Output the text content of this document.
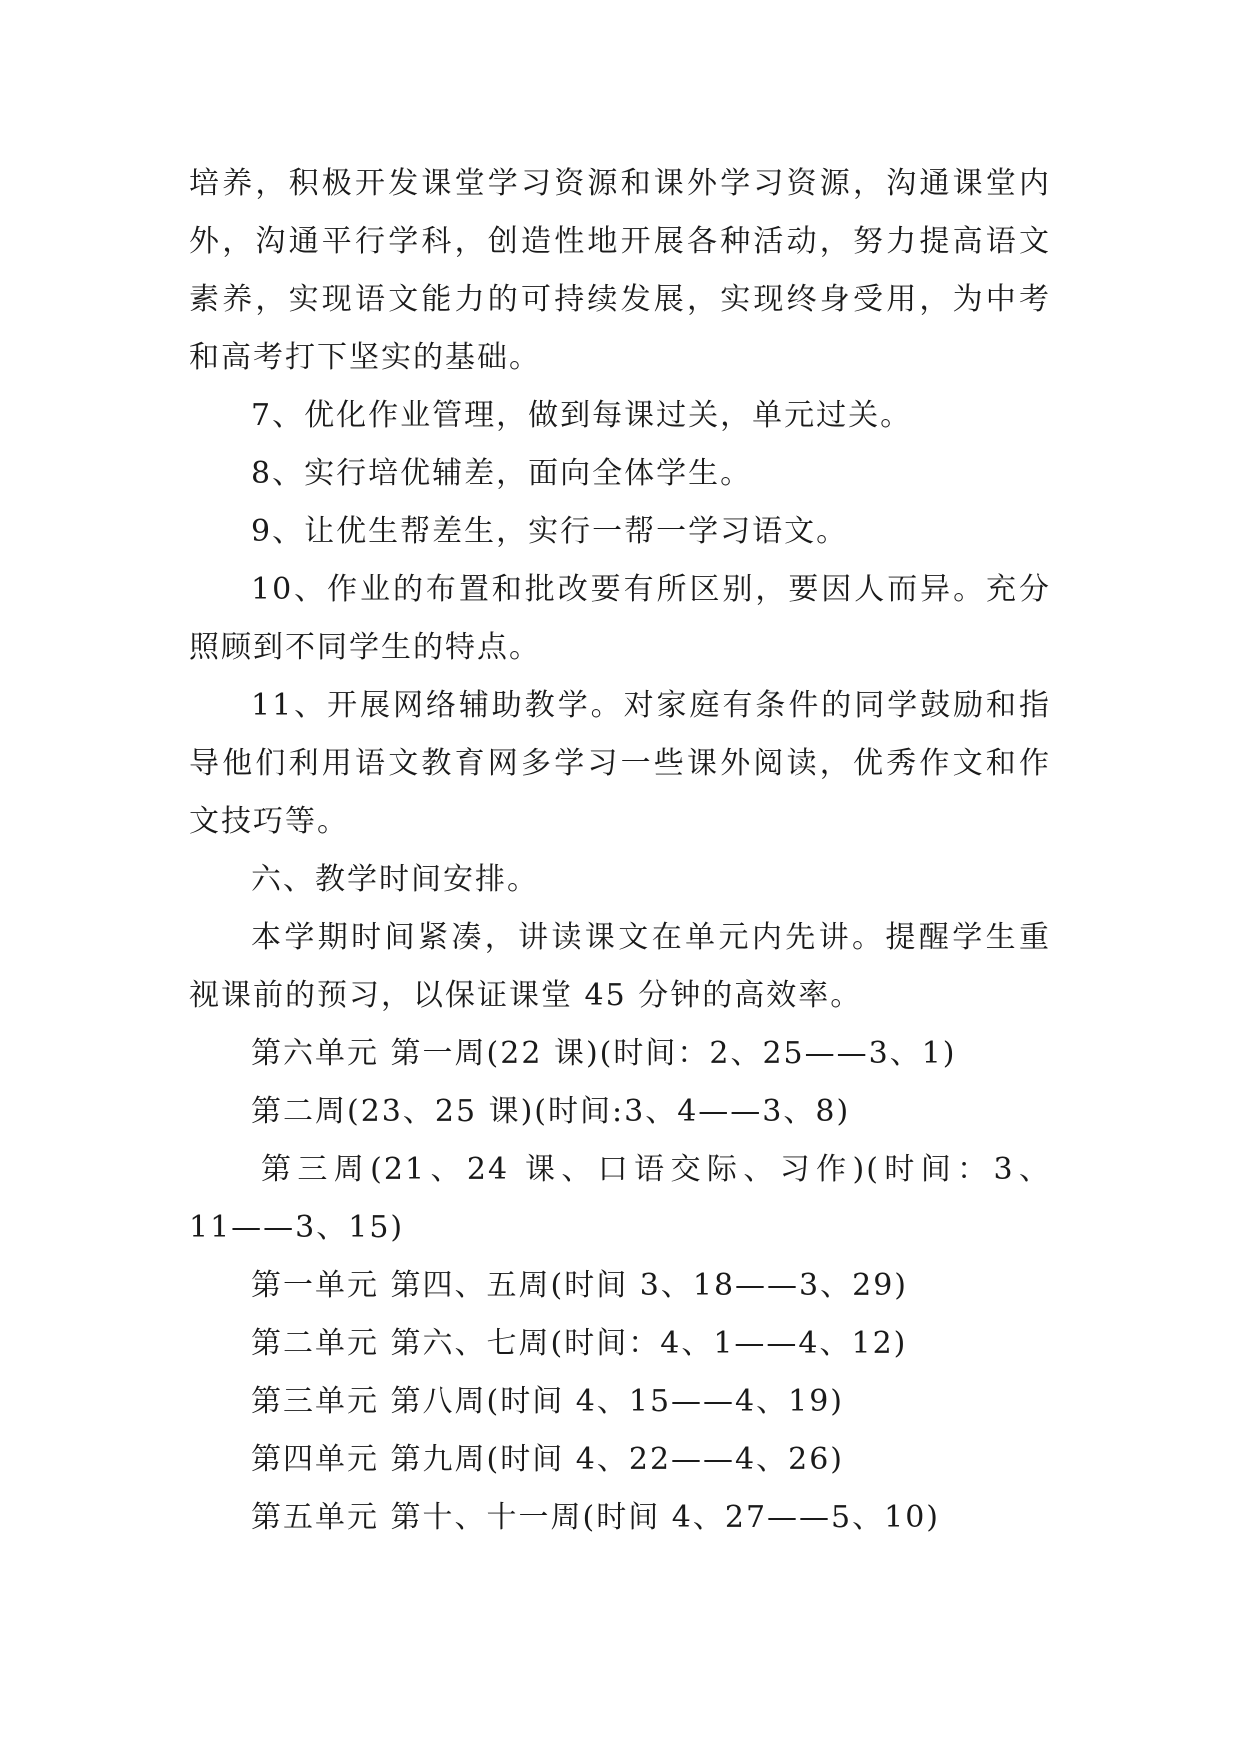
培养，积极开发课堂学习资源和课外学习资源，沟通课堂内
外，沟通平行学科，创造性地开展各种活动，努力提高语文
素养，实现语文能力的可持续发展，实现终身受用，为中考
和高考打下坚实的基础。
7、优化作业管理，做到每课过关，单元过关。
8、实行培优辅差，面向全体学生。
9、让优生帮差生，实行一帮一学习语文。
10、作业的布置和批改要有所区别，要因人而异。充分
照顾到不同学生的特点。
11、开展网络辅助教学。对家庭有条件的同学鼓励和指
导他们利用语文教育网多学习一些课外阅读，优秀作文和作
文技巧等。
六、教学时间安排。
本学期时间紧凑，讲读课文在单元内先讲。提醒学生重
视课前的预习，以保证课堂 45 分钟的高效率。
第六单元 第一周(22 课)(时间：2、25——3、1)
第二周(23、25 课)(时间:3、4——3、8)
第三周(21、24 课、口语交际、习作)(时间：3、
11——3、15)
第一单元 第四、五周(时间 3、18——3、29)
第二单元 第六、七周(时间：4、1——4、12)
第三单元 第八周(时间 4、15——4、19)
第四单元 第九周(时间 4、22——4、26)
第五单元 第十、十一周(时间 4、27——5、10)
